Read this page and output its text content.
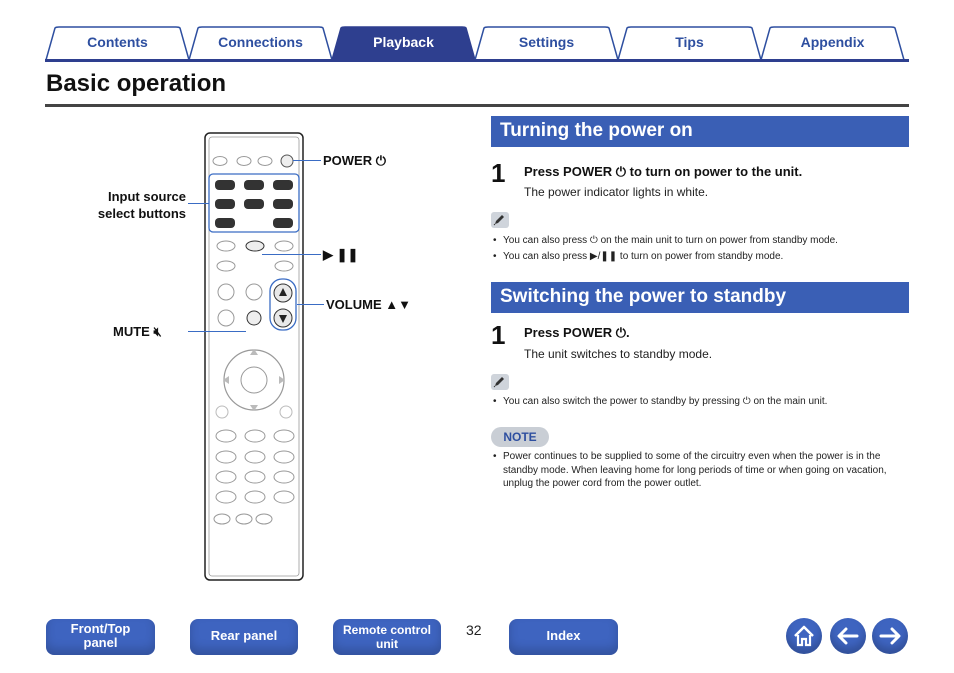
Contents	Connections	Playback	Settings	Tips	Appendix
Basic operation
POWER ⏻
Input source
select buttons
▶ ❚❚
VOLUME ▲▼
MUTE 🔇︎
Turning the power on
1 Press POWER ⏻ to turn on power to the unit.
The power indicator lights in white.
• You can also press ⏻ on the main unit to turn on power from standby mode.
• You can also press ▶/❚❚ to turn on power from standby mode.
Switching the power to standby
1 Press POWER ⏻.
The unit switches to standby mode.
• You can also switch the power to standby by pressing ⏻ on the main unit.
NOTE
• Power continues to be supplied to some of the circuitry even when the power is in the standby mode. When leaving home for long periods of time or when going on vacation, unplug the power cord from the power outlet.
Front/Top
panel	Rear panel	Remote control
unit
32	Index
